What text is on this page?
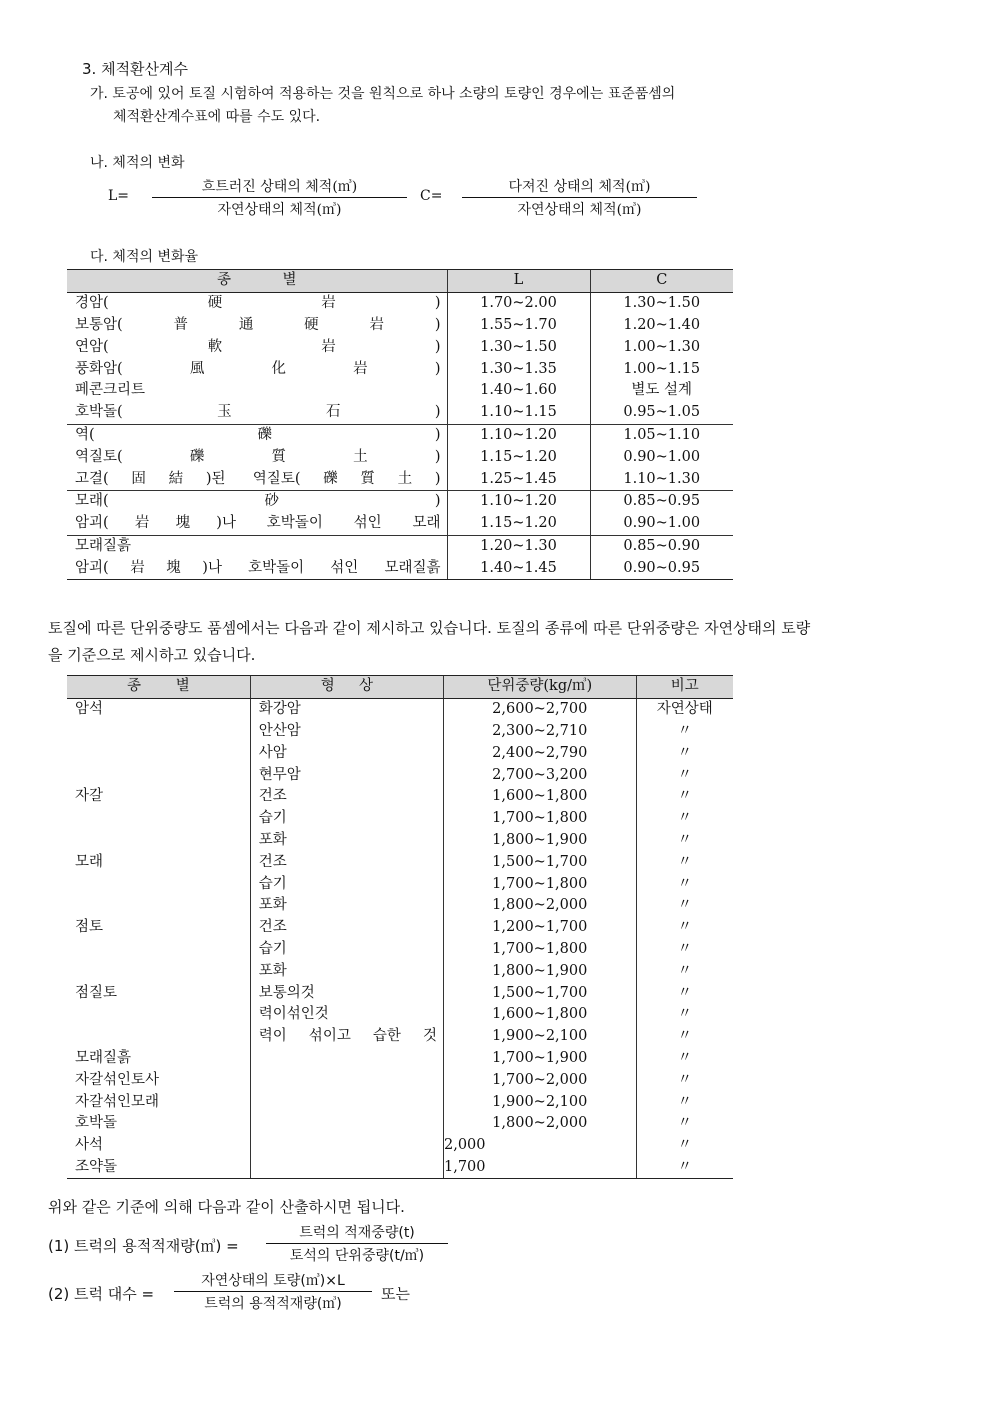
3. 체적환산계수
가. 토공에 있어 토질 시험하여 적용하는 것을 원칙으로 하나 소량의 토량인 경우에는 표준품셈의
체적환산계수표에 따를 수도 있다.
나. 체적의 변화
L=
흐트러진 상태의 체적(㎥)
자연상태의 체적(㎥)
C=
다져진 상태의 체적(㎥)
자연상태의 체적(㎥)
다. 체적의 변화율
종 별	L	C
경암(硬岩)	1.70~2.00	1.30~1.50
보통암(普通硬岩)	1.55~1.70	1.20~1.40
연암(軟岩)	1.30~1.50	1.00~1.30
풍화암(風化岩)	1.30~1.35	1.00~1.15
페콘크리트	1.40~1.60	별도 설계
호박돌(玉石)	1.10~1.15	0.95~1.05
역(礫)	1.10~1.20	1.05~1.10
역질토(礫質土)	1.15~1.20	0.90~1.00
고결(固結)된 역질토(礫質土)	1.25~1.45	1.10~1.30
모래(砂)	1.10~1.20	0.85~0.95
암괴(岩塊)나 호박돌이 섞인 모래	1.15~1.20	0.90~1.00
모래질흙	1.20~1.30	0.85~0.90
암괴(岩塊)나 호박돌이 섞인 모래질흙	1.40~1.45	0.90~0.95
토질에 따른 단위중량도 품셈에서는 다음과 같이 제시하고 있습니다. 토질의 종류에 따른 단위중량은 자연상태의 토량
을 기준으로 제시하고 있습니다.
종 별	형 상	단위중량(kg/㎥)	비고
암석	화강암	2,600~2,700	자연상태
	안산암	2,300~2,710	〃
	사암	2,400~2,790	〃
	현무암	2,700~3,200	〃
자갈	건조	1,600~1,800	〃
	습기	1,700~1,800	〃
	포화	1,800~1,900	〃
모래	건조	1,500~1,700	〃
	습기	1,700~1,800	〃
	포화	1,800~2,000	〃
점토	건조	1,200~1,700	〃
	습기	1,700~1,800	〃
	포화	1,800~1,900	〃
점질토	보통의것	1,500~1,700	〃
	력이섞인것	1,600~1,800	〃
	력이 섞이고 습한 것	1,900~2,100	〃
모래질흙		1,700~1,900	〃
자갈섞인토사		1,700~2,000	〃
자갈섞인모래		1,900~2,100	〃
호박돌		1,800~2,000	〃
사석		2,000	〃
조약돌		1,700	〃
위와 같은 기준에 의해 다음과 같이 산출하시면 됩니다.
(1) 트럭의 용적적재량(㎥) =
트럭의 적재중량(t)
토석의 단위중량(t/㎥)
(2) 트럭 대수 =
자연상태의 토량(㎥)×L
트럭의 용적적재량(㎥)
또는
